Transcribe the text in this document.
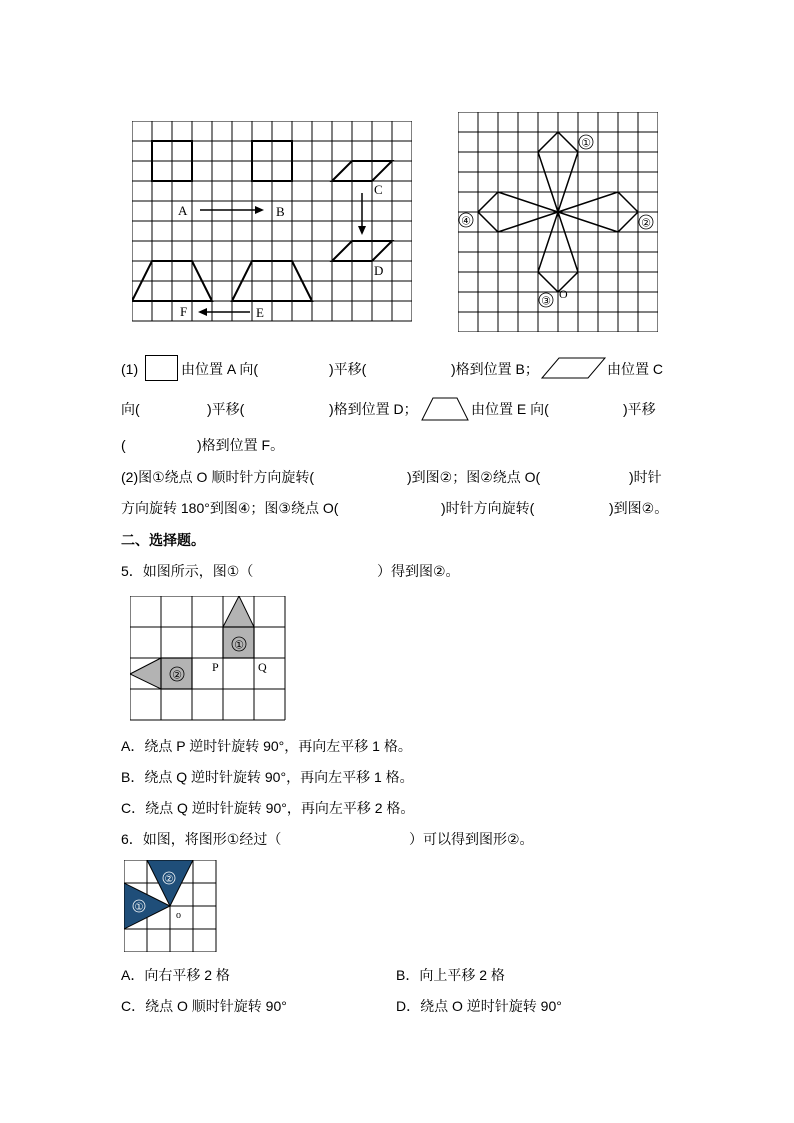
A	B
C
D
E
F
①
②
③
④
O
(1)	由位置 A 向(	)平移(	)格到位置 B；	由位置 C
向(	)平移(	)格到位置 D；	由位置 E 向(	)平移
(	)格到位置 F。
(2)图①绕点 O 顺时针方向旋转(	)到图②；图②绕点 O(	)时针
方向旋转 180°到图④；图③绕点 O(	)时针方向旋转(	)到图②。
二、选择题。
5．如图所示，图①（	）得到图②。
①
②
P	Q
A．绕点 P 逆时针旋转 90°，再向左平移 1 格。
B．绕点 Q 逆时针旋转 90°，再向左平移 1 格。
C．绕点 Q 逆时针旋转 90°，再向左平移 2 格。
6．如图，将图形①经过（	）可以得到图形②。
①
②
o
A．向右平移 2 格	B．向上平移 2 格
C．绕点 O 顺时针旋转 90°	D．绕点 O 逆时针旋转 90°
